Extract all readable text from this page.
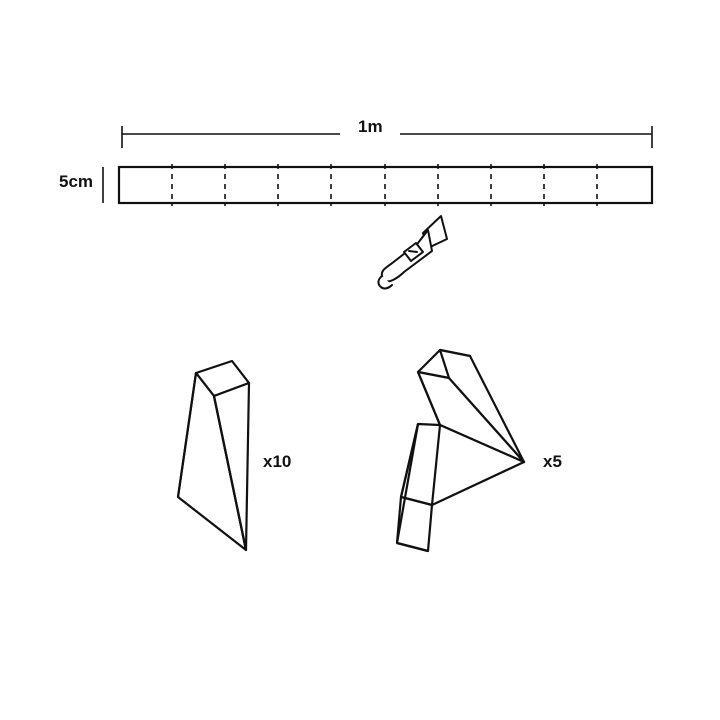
1m
5cm
x10	x5
